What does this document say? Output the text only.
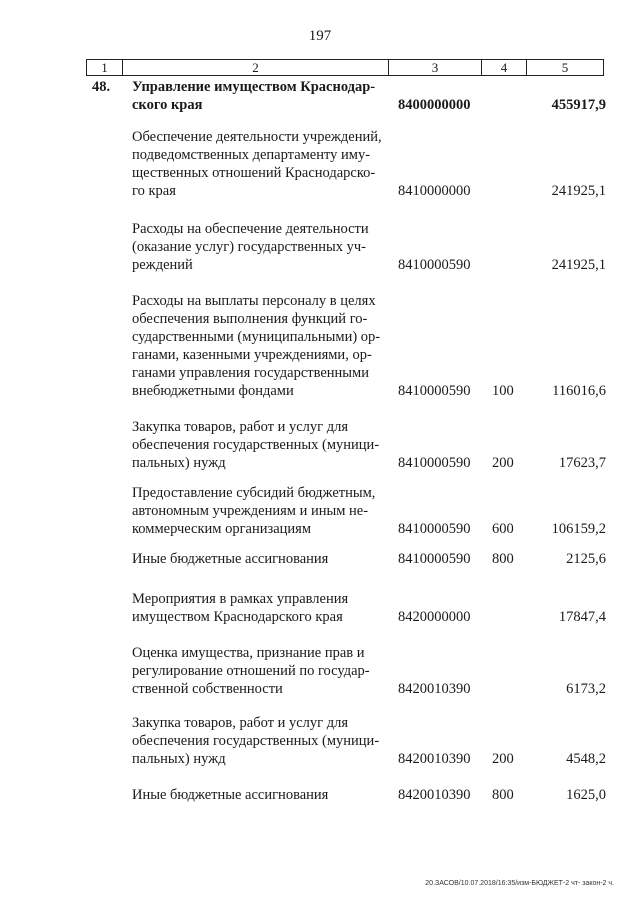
197
1	2	3	4	5
48. Управление имуществом Краснодар-
ского края	8400000000	455917,9
Обеспечение деятельности учреждений,
подведомственных департаменту иму-
щественных отношений Краснодарско-
го края	8410000000	241925,1
Расходы на обеспечение деятельности
(оказание услуг) государственных уч-
реждений	8410000590	241925,1
Расходы на выплаты персоналу в целях
обеспечения выполнения функций го-
сударственными (муниципальными) ор-
ганами, казенными учреждениями, ор-
ганами управления государственными
внебюджетными фондами	8410000590 100	116016,6
Закупка товаров, работ и услуг для
обеспечения государственных (муници-
пальных) нужд	8410000590 200	17623,7
Предоставление субсидий бюджетным,
автономным учреждениям и иным не-
коммерческим организациям	8410000590 600	106159,2
Иные бюджетные ассигнования	8410000590 800	2125,6
Мероприятия в рамках управления
имуществом Краснодарского края	8420000000	17847,4
Оценка имущества, признание прав и
регулирование отношений по государ-
ственной собственности	8420010390	6173,2
Закупка товаров, работ и услуг для
обеспечения государственных (муници-
пальных) нужд	8420010390 200	4548,2
Иные бюджетные ассигнования	8420010390 800	1625,0
20.ЗАСОВ/10.07.2018/16:35/изм-БЮДЖЕТ-2 чт- закон-2 ч.
